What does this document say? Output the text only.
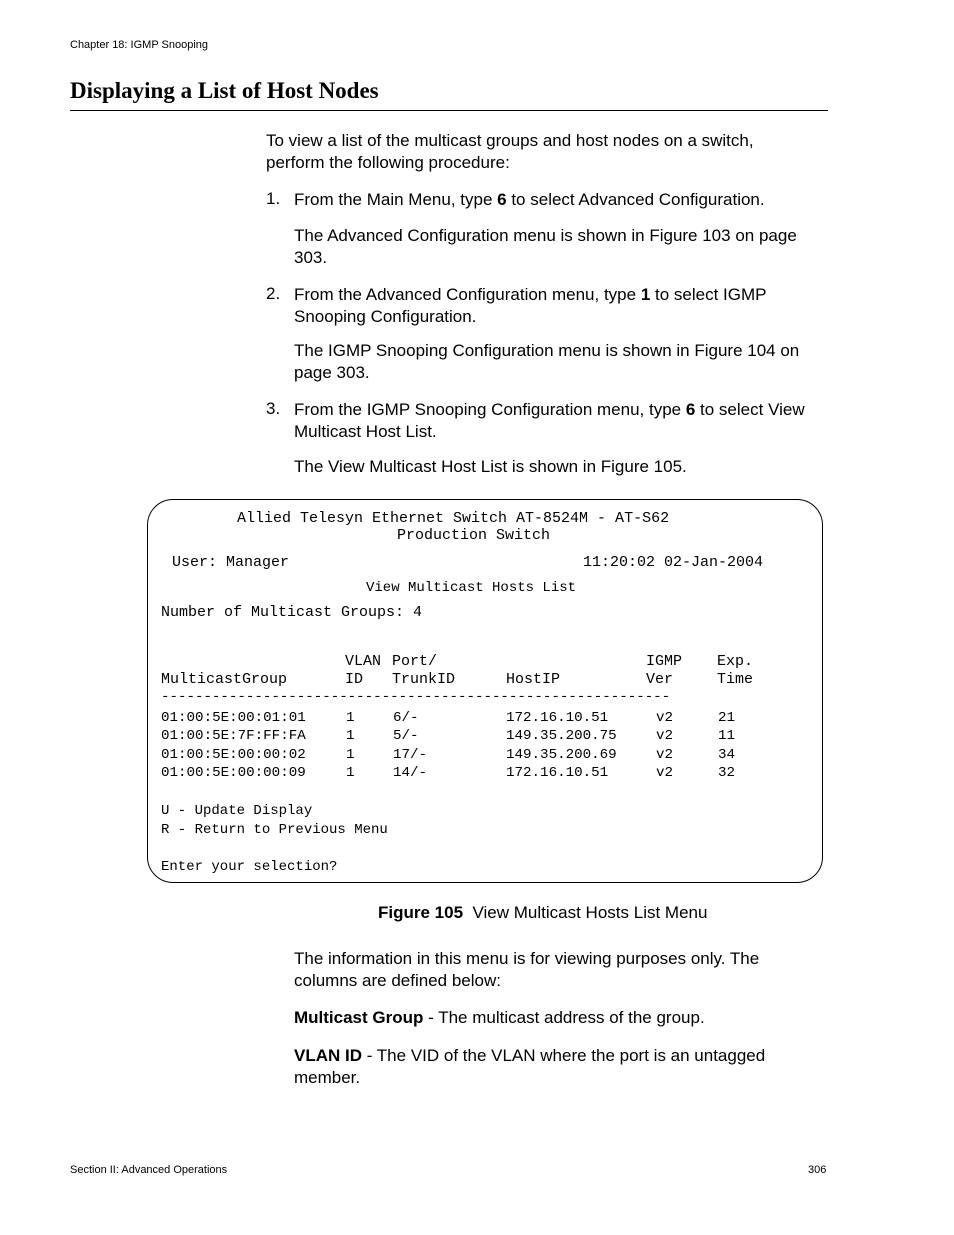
Chapter 18: IGMP Snooping
Displaying a List of Host Nodes
To view a list of the multicast groups and host nodes on a switch, perform the following procedure:
1. From the Main Menu, type 6 to select Advanced Configuration.
The Advanced Configuration menu is shown in Figure 103 on page 303.
2. From the Advanced Configuration menu, type 1 to select IGMP Snooping Configuration.
The IGMP Snooping Configuration menu is shown in Figure 104 on page 303.
3. From the IGMP Snooping Configuration menu, type 6 to select View Multicast Host List.
The View Multicast Host List is shown in Figure 105.
Allied Telesyn Ethernet Switch AT-8524M - AT-S62
Production Switch
User: Manager	11:20:02 02-Jan-2004
View Multicast Hosts List
Number of Multicast Groups: 4
VLAN Port/	IGMP Exp.
MulticastGroup	ID TrunkID	HostIP	Ver	Time
------------------------------------------------------------
01:00:5E:00:01:01	1	6/-	172.16.10.51	v2	21
01:00:5E:7F:FF:FA	1	5/-	149.35.200.75	v2	11
01:00:5E:00:00:02	1	17/-	149.35.200.69	v2	34
01:00:5E:00:00:09	1	14/-	172.16.10.51	v2	32
U - Update Display
R - Return to Previous Menu
Enter your selection?
Figure 105 View Multicast Hosts List Menu
The information in this menu is for viewing purposes only. The columns are defined below:
Multicast Group - The multicast address of the group.
VLAN ID - The VID of the VLAN where the port is an untagged member.
Section II: Advanced Operations	306
